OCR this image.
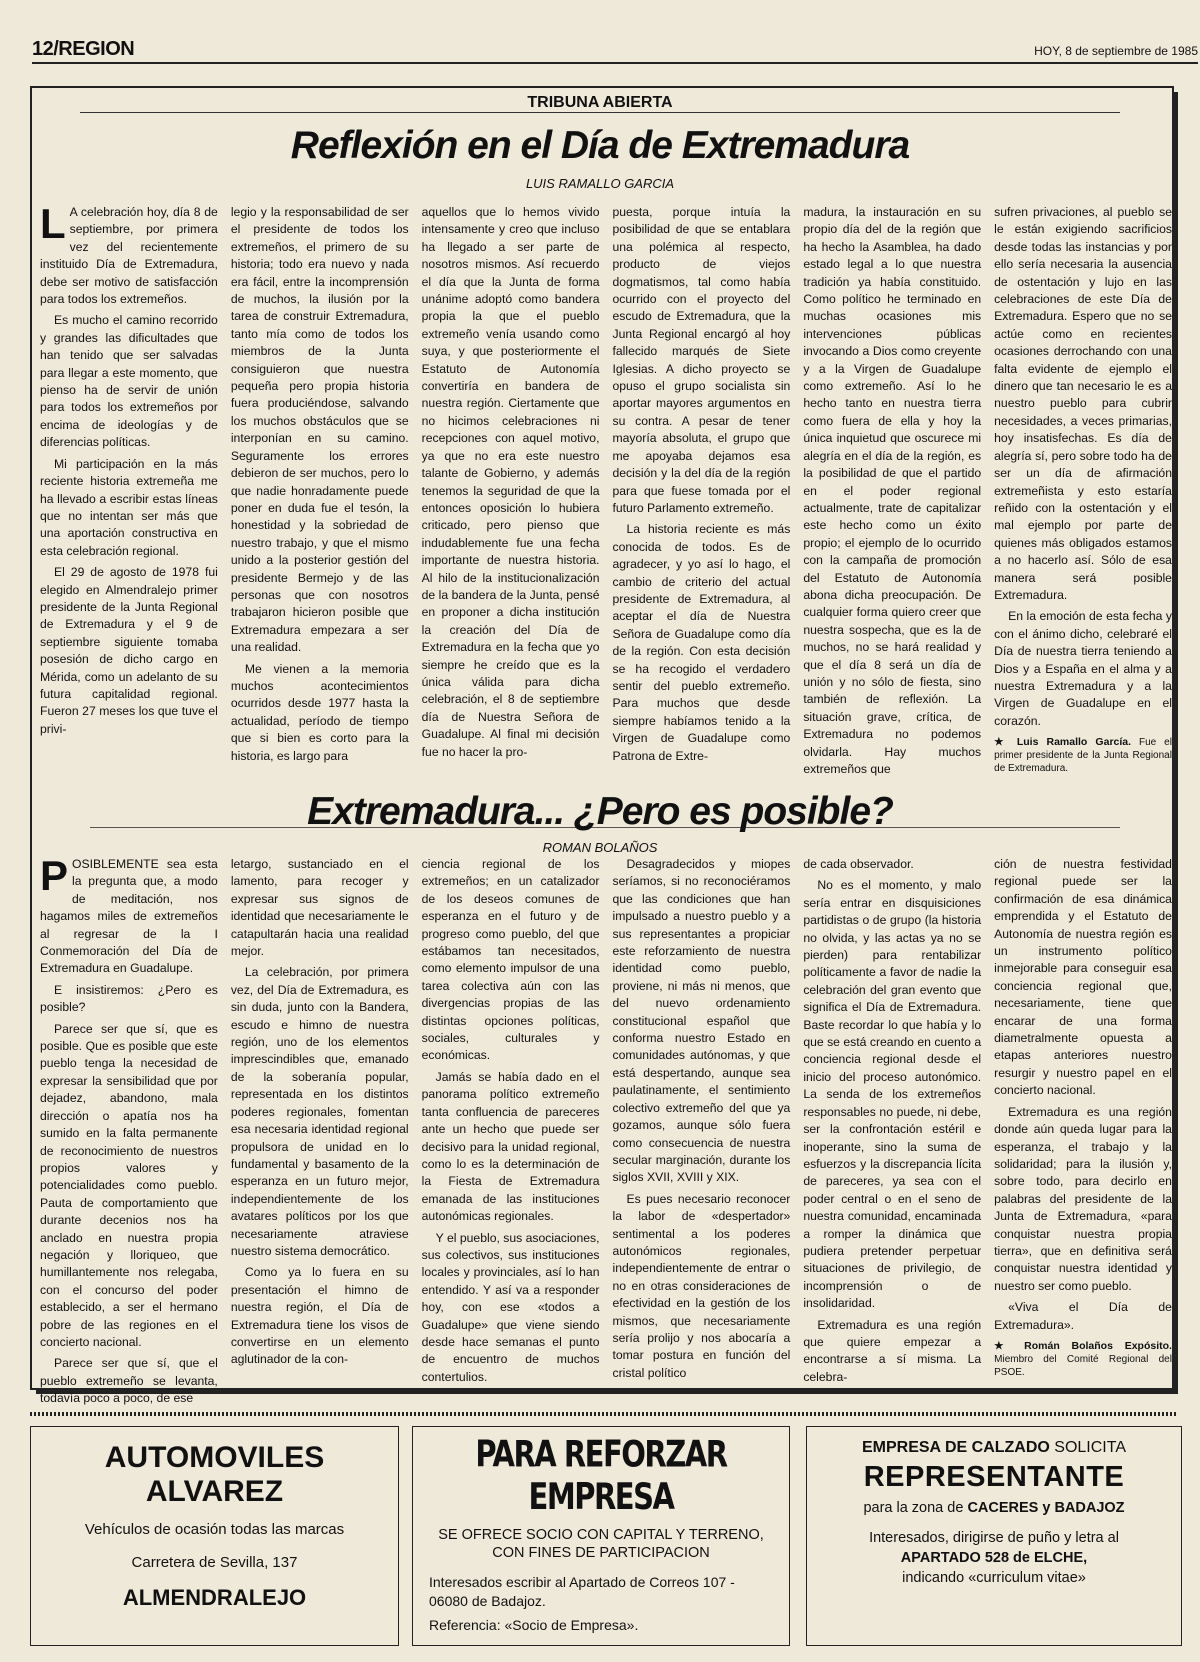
12/REGION	HOY, 8 de septiembre de 1985
TRIBUNA ABIERTA
Reflexión en el Día de Extremadura
LUIS RAMALLO GARCIA

L A celebración hoy, día 8 de septiembre, por primera vez del recientemente instituido Día de Extremadura, debe ser motivo de satisfacción para todos los extremeños.

Es mucho el camino recorrido y grandes las dificultades que han tenido que ser salvadas para llegar a este momento, que pienso ha de servir de unión para todos los extremeños por encima de ideologías y de diferencias políticas.

Mi participación en la más reciente historia extremeña me ha llevado a escribir estas líneas que no intentan ser más que una aportación constructiva en esta celebración regional.

El 29 de agosto de 1978 fui elegido en Almendralejo primer presidente de la Junta Regional de Extremadura y el 9 de septiembre siguiente tomaba posesión de dicho cargo en Mérida, como un adelanto de su futura capitalidad regional. Fueron 27 meses los que tuve el privi-

legio y la responsabilidad de ser el presidente de todos los extremeños, el primero de su historia; todo era nuevo y nada era fácil, entre la incomprensión de muchos, la ilusión por la tarea de construir Extremadura, tanto mía como de todos los miembros de la Junta consiguieron que nuestra pequeña pero propia historia fuera produciéndose, salvando los muchos obstáculos que se interponían en su camino. Seguramente los errores debieron de ser muchos, pero lo que nadie honradamente puede poner en duda fue el tesón, la honestidad y la sobriedad de nuestro trabajo, y que el mismo unido a la posterior gestión del presidente Bermejo y de las personas que con nosotros trabajaron hicieron posible que Extremadura empezara a ser una realidad.

Me vienen a la memoria muchos acontecimientos ocurridos desde 1977 hasta la actualidad, período de tiempo que si bien es corto para la historia, es largo para

aquellos que lo hemos vivido intensamente y creo que incluso ha llegado a ser parte de nosotros mismos. Así recuerdo el día que la Junta de forma unánime adoptó como bandera propia la que el pueblo extremeño venía usando como suya, y que posteriormente el Estatuto de Autonomía convertiría en bandera de nuestra región. Ciertamente que no hicimos celebraciones ni recepciones con aquel motivo, ya que no era este nuestro talante de Gobierno, y además tenemos la seguridad de que la entonces oposición lo hubiera criticado, pero pienso que indudablemente fue una fecha importante de nuestra historia. Al hilo de la institucionalización de la bandera de la Junta, pensé en proponer a dicha institución la creación del Día de Extremadura en la fecha que yo siempre he creído que es la única válida para dicha celebración, el 8 de septiembre día de Nuestra Señora de Guadalupe. Al final mi decisión fue no hacer la pro-

puesta, porque intuía la posibilidad de que se entablara una polémica al respecto, producto de viejos dogmatismos, tal como había ocurrido con el proyecto del escudo de Extremadura, que la Junta Regional encargó al hoy fallecido marqués de Siete Iglesias. A dicho proyecto se opuso el grupo socialista sin aportar mayores argumentos en su contra. A pesar de tener mayoría absoluta, el grupo que me apoyaba dejamos esa decisión y la del día de la región para que fuese tomada por el futuro Parlamento extremeño.

La historia reciente es más conocida de todos. Es de agradecer, y yo así lo hago, el cambio de criterio del actual presidente de Extremadura, al aceptar el día de Nuestra Señora de Guadalupe como día de la región. Con esta decisión se ha recogido el verdadero sentir del pueblo extremeño. Para muchos que desde siempre habíamos tenido a la Virgen de Guadalupe como Patrona de Extre-

madura, la instauración en su propio día del de la región que ha hecho la Asamblea, ha dado estado legal a lo que nuestra tradición ya había constituido. Como político he terminado en muchas ocasiones mis intervenciones públicas invocando a Dios como creyente y a la Virgen de Guadalupe como extremeño. Así lo he hecho tanto en nuestra tierra como fuera de ella y hoy la única inquietud que oscurece mi alegría en el día de la región, es la posibilidad de que el partido en el poder regional actualmente, trate de capitalizar este hecho como un éxito propio; el ejemplo de lo ocurrido con la campaña de promoción del Estatuto de Autonomía abona dicha preocupación. De cualquier forma quiero creer que nuestra sospecha, que es la de muchos, no se hará realidad y que el día 8 será un día de unión y no sólo de fiesta, sino también de reflexión. La situación grave, crítica, de Extremadura no podemos olvidarla. Hay muchos extremeños que

sufren privaciones, al pueblo se le están exigiendo sacrificios desde todas las instancias y por ello sería necesaria la ausencia de ostentación y lujo en las celebraciones de este Día de Extremadura. Espero que no se actúe como en recientes ocasiones derrochando con una falta evidente de ejemplo el dinero que tan necesario le es a nuestro pueblo para cubrir necesidades, a veces primarias, hoy insatisfechas. Es día de alegría sí, pero sobre todo ha de ser un día de afirmación extremeñista y esto estaría reñido con la ostentación y el mal ejemplo por parte de quienes más obligados estamos a no hacerlo así. Sólo de esa manera será posible Extremadura.

En la emoción de esta fecha y con el ánimo dicho, celebraré el Día de nuestra tierra teniendo a Dios y a España en el alma y a nuestra Extremadura y a la Virgen de Guadalupe en el corazón.

★ Luis Ramallo García. Fue el primer presidente de la Junta Regional de Extremadura.
Extremadura... ¿Pero es posible?
ROMAN BOLAÑOS

POSIBLEMENTE sea esta la pregunta que, a modo de meditación, nos hagamos miles de extremeños al regresar de la I Conmemoración del Día de Extremadura en Guadalupe.

E insistiremos: ¿Pero es posible?

Parece ser que sí, que es posible. Que es posible que este pueblo tenga la necesidad de expresar la sensibilidad que por dejadez, abandono, mala dirección o apatía nos ha sumido en la falta permanente de reconocimiento de nuestros propios valores y potencialidades como pueblo. Pauta de comportamiento que durante decenios nos ha anclado en nuestra propia negación y lloriqueo, que humillantemente nos relegaba, con el concurso del poder establecido, a ser el hermano pobre de las regiones en el concierto nacional.

Parece ser que sí, que el pueblo extremeño se levanta, todavía poco a poco, de ese

letargo, sustanciado en el lamento, para recoger y expresar sus signos de identidad que necesariamente le catapultarán hacia una realidad mejor.

La celebración, por primera vez, del Día de Extremadura, es sin duda, junto con la Bandera, escudo e himno de nuestra región, uno de los elementos imprescindibles que, emanado de la soberanía popular, representada en los distintos poderes regionales, fomentan esa necesaria identidad regional propulsora de unidad en lo fundamental y basamento de la esperanza en un futuro mejor, independientemente de los avatares políticos por los que necesariamente atraviese nuestro sistema democrático.

Como ya lo fuera en su presentación el himno de nuestra región, el Día de Extremadura tiene los visos de convertirse en un elemento aglutinador de la con-

ciencia regional de los extremeños; en un catalizador de los deseos comunes de esperanza en el futuro y de progreso como pueblo, del que estábamos tan necesitados, como elemento impulsor de una tarea colectiva aún con las divergencias propias de las distintas opciones políticas, sociales, culturales y económicas.

Jamás se había dado en el panorama político extremeño tanta confluencia de pareceres ante un hecho que puede ser decisivo para la unidad regional, como lo es la determinación de la Fiesta de Extremadura emanada de las instituciones autonómicas regionales.

Y el pueblo, sus asociaciones, sus colectivos, sus instituciones locales y provinciales, así lo han entendido. Y así va a responder hoy, con ese «todos a Guadalupe» que viene siendo desde hace semanas el punto de encuentro de muchos contertulios.

Desagradecidos y miopes seríamos, si no reconociéramos que las condiciones que han impulsado a nuestro pueblo y a sus representantes a propiciar este reforzamiento de nuestra identidad como pueblo, proviene, ni más ni menos, que del nuevo ordenamiento constitucional español que conforma nuestro Estado en comunidades autónomas, y que está despertando, aunque sea paulatinamente, el sentimiento colectivo extremeño del que ya gozamos, aunque sólo fuera como consecuencia de nuestra secular marginación, durante los siglos XVII, XVIII y XIX.

Es pues necesario reconocer la labor de «despertador» sentimental a los poderes autonómicos regionales, independientemente de entrar o no en otras consideraciones de efectividad en la gestión de los mismos, que necesariamente sería prolijo y nos abocaría a tomar postura en función del cristal político

de cada observador.

No es el momento, y malo sería entrar en disquisiciones partidistas o de grupo (la historia no olvida, y las actas ya no se pierden) para rentabilizar políticamente a favor de nadie la celebración del gran evento que significa el Día de Extremadura. Baste recordar lo que había y lo que se está creando en cuento a conciencia regional desde el inicio del proceso autonómico. La senda de los extremeños responsables no puede, ni debe, ser la confrontación estéril e inoperante, sino la suma de esfuerzos y la discrepancia lícita de pareceres, ya sea con el poder central o en el seno de nuestra comunidad, encaminada a romper la dinámica que pudiera pretender perpetuar situaciones de privilegio, de incomprensión o de insolidaridad.

Extremadura es una región que quiere empezar a encontrarse a sí misma. La celebra-

ción de nuestra festividad regional puede ser la confirmación de esa dinámica emprendida y el Estatuto de Autonomía de nuestra región es un instrumento político inmejorable para conseguir esa conciencia regional que, necesariamente, tiene que encarar de una forma diametralmente opuesta a etapas anteriores nuestro resurgir y nuestro papel en el concierto nacional.

Extremadura es una región donde aún queda lugar para la esperanza, el trabajo y la solidaridad; para la ilusión y, sobre todo, para decirlo en palabras del presidente de la Junta de Extremadura, «para conquistar nuestra propia tierra», que en definitiva será conquistar nuestra identidad y nuestro ser como pueblo.

«Viva el Día de Extremadura».

★ Román Bolaños Expósito. Miembro del Comité Regional del PSOE.
AUTOMOVILES
ALVAREZ
Vehículos de ocasión todas las marcas
Carretera de Sevilla, 137
ALMENDRALEJO
PARA REFORZAR EMPRESA
SE OFRECE SOCIO CON CAPITAL Y TERRENO,
CON FINES DE PARTICIPACION
Interesados escribir al Apartado de Correos 107 - 06080 de Badajoz.
Referencia: «Socio de Empresa».
EMPRESA DE CALZADO SOLICITA
REPRESENTANTE
para la zona de CACERES y BADAJOZ
Interesados, dirigirse de puño y letra al
APARTADO 528 de ELCHE,
indicando «curriculum vitae»
